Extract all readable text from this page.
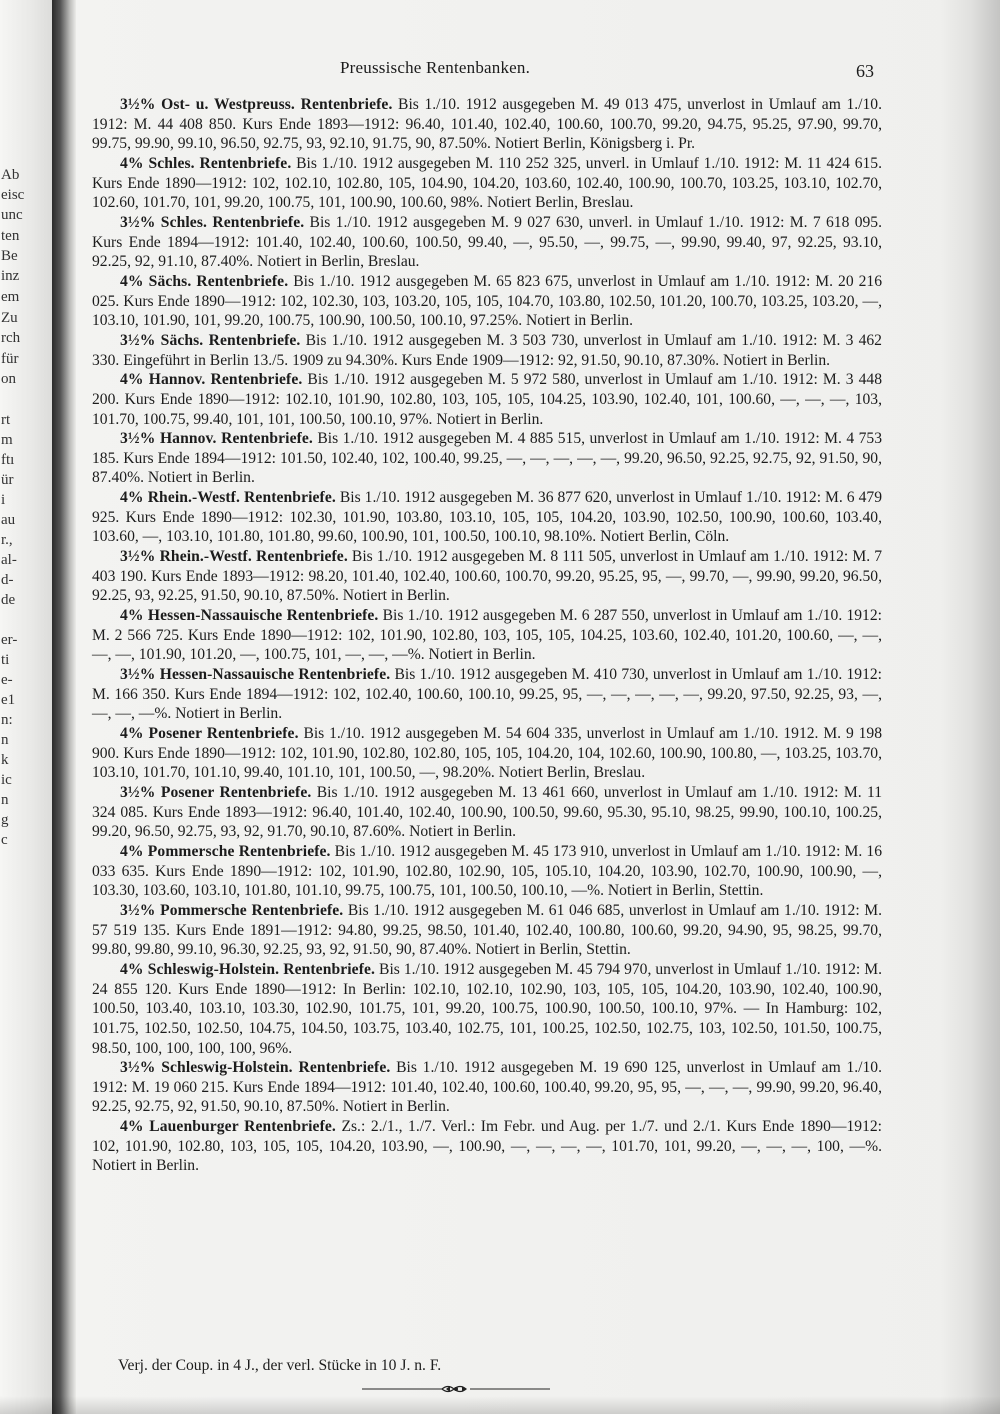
Ab
eisc
unc
ten
Be
inz
em
Zu
rch
für
on
rt
m
ftı
ür
i
au
r.,
al-
d-
de
er-
ti
e-
e1
n:
n
k
ic
n
g
c
Preussische Rentenbanken.	63

3½% Ost- u. Westpreuss. Rentenbriefe. Bis 1./10. 1912 ausgegeben M. 49 013 475, unverlost in Umlauf am 1./10. 1912: M. 44 408 850. Kurs Ende 1893—1912: 96.40, 101.40, 102.40, 100.60, 100.70, 99.20, 94.75, 95.25, 97.90, 99.70, 99.75, 99.90, 99.10, 96.50, 92.75, 93, 92.10, 91.75, 90, 87.50%. Notiert Berlin, Königsberg i. Pr.

4% Schles. Rentenbriefe. Bis 1./10. 1912 ausgegeben M. 110 252 325, unverl. in Umlauf 1./10. 1912: M. 11 424 615. Kurs Ende 1890—1912: 102, 102.10, 102.80, 105, 104.90, 104.20, 103.60, 102.40, 100.90, 100.70, 103.25, 103.10, 102.70, 102.60, 101.70, 101, 99.20, 100.75, 101, 100.90, 100.60, 98%. Notiert Berlin, Breslau.

3½% Schles. Rentenbriefe. Bis 1./10. 1912 ausgegeben M. 9 027 630, unverl. in Umlauf 1./10. 1912: M. 7 618 095. Kurs Ende 1894—1912: 101.40, 102.40, 100.60, 100.50, 99.40, —, 95.50, —, 99.75, —, 99.90, 99.40, 97, 92.25, 93.10, 92.25, 92, 91.10, 87.40%. Notiert in Berlin, Breslau.

4% Sächs. Rentenbriefe. Bis 1./10. 1912 ausgegeben M. 65 823 675, unverlost in Umlauf am 1./10. 1912: M. 20 216 025. Kurs Ende 1890—1912: 102, 102.30, 103, 103.20, 105, 105, 104.70, 103.80, 102.50, 101.20, 100.70, 103.25, 103.20, —, 103.10, 101.90, 101, 99.20, 100.75, 100.90, 100.50, 100.10, 97.25%. Notiert in Berlin.

3½% Sächs. Rentenbriefe. Bis 1./10. 1912 ausgegeben M. 3 503 730, unverlost in Umlauf am 1./10. 1912: M. 3 462 330. Eingeführt in Berlin 13./5. 1909 zu 94.30%. Kurs Ende 1909—1912: 92, 91.50, 90.10, 87.30%. Notiert in Berlin.

4% Hannov. Rentenbriefe. Bis 1./10. 1912 ausgegeben M. 5 972 580, unverlost in Umlauf am 1./10. 1912: M. 3 448 200. Kurs Ende 1890—1912: 102.10, 101.90, 102.80, 103, 105, 105, 104.25, 103.90, 102.40, 101, 100.60, —, —, —, 103, 101.70, 100.75, 99.40, 101, 101, 100.50, 100.10, 97%. Notiert in Berlin.

3½% Hannov. Rentenbriefe. Bis 1./10. 1912 ausgegeben M. 4 885 515, unverlost in Umlauf am 1./10. 1912: M. 4 753 185. Kurs Ende 1894—1912: 101.50, 102.40, 102, 100.40, 99.25, —, —, —, —, —, 99.20, 96.50, 92.25, 92.75, 92, 91.50, 90, 87.40%. Notiert in Berlin.

4% Rhein.-Westf. Rentenbriefe. Bis 1./10. 1912 ausgegeben M. 36 877 620, unverlost in Umlauf 1./10. 1912: M. 6 479 925. Kurs Ende 1890—1912: 102.30, 101.90, 103.80, 103.10, 105, 105, 104.20, 103.90, 102.50, 100.90, 100.60, 103.40, 103.60, —, 103.10, 101.80, 101.80, 99.60, 100.90, 101, 100.50, 100.10, 98.10%. Notiert Berlin, Cöln.

3½% Rhein.-Westf. Rentenbriefe. Bis 1./10. 1912 ausgegeben M. 8 111 505, unverlost in Umlauf am 1./10. 1912: M. 7 403 190. Kurs Ende 1893—1912: 98.20, 101.40, 102.40, 100.60, 100.70, 99.20, 95.25, 95, —, 99.70, —, 99.90, 99.20, 96.50, 92.25, 93, 92.25, 91.50, 90.10, 87.50%. Notiert in Berlin.

4% Hessen-Nassauische Rentenbriefe. Bis 1./10. 1912 ausgegeben M. 6 287 550, unverlost in Umlauf am 1./10. 1912: M. 2 566 725. Kurs Ende 1890—1912: 102, 101.90, 102.80, 103, 105, 105, 104.25, 103.60, 102.40, 101.20, 100.60, —, —, —, —, 101.90, 101.20, —, 100.75, 101, —, —, —%. Notiert in Berlin.

3½% Hessen-Nassauische Rentenbriefe. Bis 1./10. 1912 ausgegeben M. 410 730, unverlost in Umlauf am 1./10. 1912: M. 166 350. Kurs Ende 1894—1912: 102, 102.40, 100.60, 100.10, 99.25, 95, —, —, —, —, —, 99.20, 97.50, 92.25, 93, —, —, —, —%. Notiert in Berlin.

4% Posener Rentenbriefe. Bis 1./10. 1912 ausgegeben M. 54 604 335, unverlost in Umlauf am 1./10. 1912. M. 9 198 900. Kurs Ende 1890—1912: 102, 101.90, 102.80, 102.80, 105, 105, 104.20, 104, 102.60, 100.90, 100.80, —, 103.25, 103.70, 103.10, 101.70, 101.10, 99.40, 101.10, 101, 100.50, —, 98.20%. Notiert Berlin, Breslau.

3½% Posener Rentenbriefe. Bis 1./10. 1912 ausgegeben M. 13 461 660, unverlost in Umlauf am 1./10. 1912: M. 11 324 085. Kurs Ende 1893—1912: 96.40, 101.40, 102.40, 100.90, 100.50, 99.60, 95.30, 95.10, 98.25, 99.90, 100.10, 100.25, 99.20, 96.50, 92.75, 93, 92, 91.70, 90.10, 87.60%. Notiert in Berlin.

4% Pommersche Rentenbriefe. Bis 1./10. 1912 ausgegeben M. 45 173 910, unverlost in Umlauf am 1./10. 1912: M. 16 033 635. Kurs Ende 1890—1912: 102, 101.90, 102.80, 102.90, 105, 105.10, 104.20, 103.90, 102.70, 100.90, 100.90, —, 103.30, 103.60, 103.10, 101.80, 101.10, 99.75, 100.75, 101, 100.50, 100.10, —%. Notiert in Berlin, Stettin.

3½% Pommersche Rentenbriefe. Bis 1./10. 1912 ausgegeben M. 61 046 685, unverlost in Umlauf am 1./10. 1912: M. 57 519 135. Kurs Ende 1891—1912: 94.80, 99.25, 98.50, 101.40, 102.40, 100.80, 100.60, 99.20, 94.90, 95, 98.25, 99.70, 99.80, 99.80, 99.10, 96.30, 92.25, 93, 92, 91.50, 90, 87.40%. Notiert in Berlin, Stettin.

4% Schleswig-Holstein. Rentenbriefe. Bis 1./10. 1912 ausgegeben M. 45 794 970, unverlost in Umlauf 1./10. 1912: M. 24 855 120. Kurs Ende 1890—1912: In Berlin: 102.10, 102.10, 102.90, 103, 105, 105, 104.20, 103.90, 102.40, 100.90, 100.50, 103.40, 103.10, 103.30, 102.90, 101.75, 101, 99.20, 100.75, 100.90, 100.50, 100.10, 97%. — In Hamburg: 102, 101.75, 102.50, 102.50, 104.75, 104.50, 103.75, 103.40, 102.75, 101, 100.25, 102.50, 102.75, 103, 102.50, 101.50, 100.75, 98.50, 100, 100, 100, 100, 96%.

3½% Schleswig-Holstein. Rentenbriefe. Bis 1./10. 1912 ausgegeben M. 19 690 125, unverlost in Umlauf am 1./10. 1912: M. 19 060 215. Kurs Ende 1894—1912: 101.40, 102.40, 100.60, 100.40, 99.20, 95, 95, —, —, —, 99.90, 99.20, 96.40, 92.25, 92.75, 92, 91.50, 90.10, 87.50%. Notiert in Berlin.

4% Lauenburger Rentenbriefe. Zs.: 2./1., 1./7. Verl.: Im Febr. und Aug. per 1./7. und 2./1. Kurs Ende 1890—1912: 102, 101.90, 102.80, 103, 105, 105, 104.20, 103.90, —, 100.90, —, —, —, —, 101.70, 101, 99.20, —, —, —, 100, —%. Notiert in Berlin.

Verj. der Coup. in 4 J., der verl. Stücke in 10 J. n. F.
